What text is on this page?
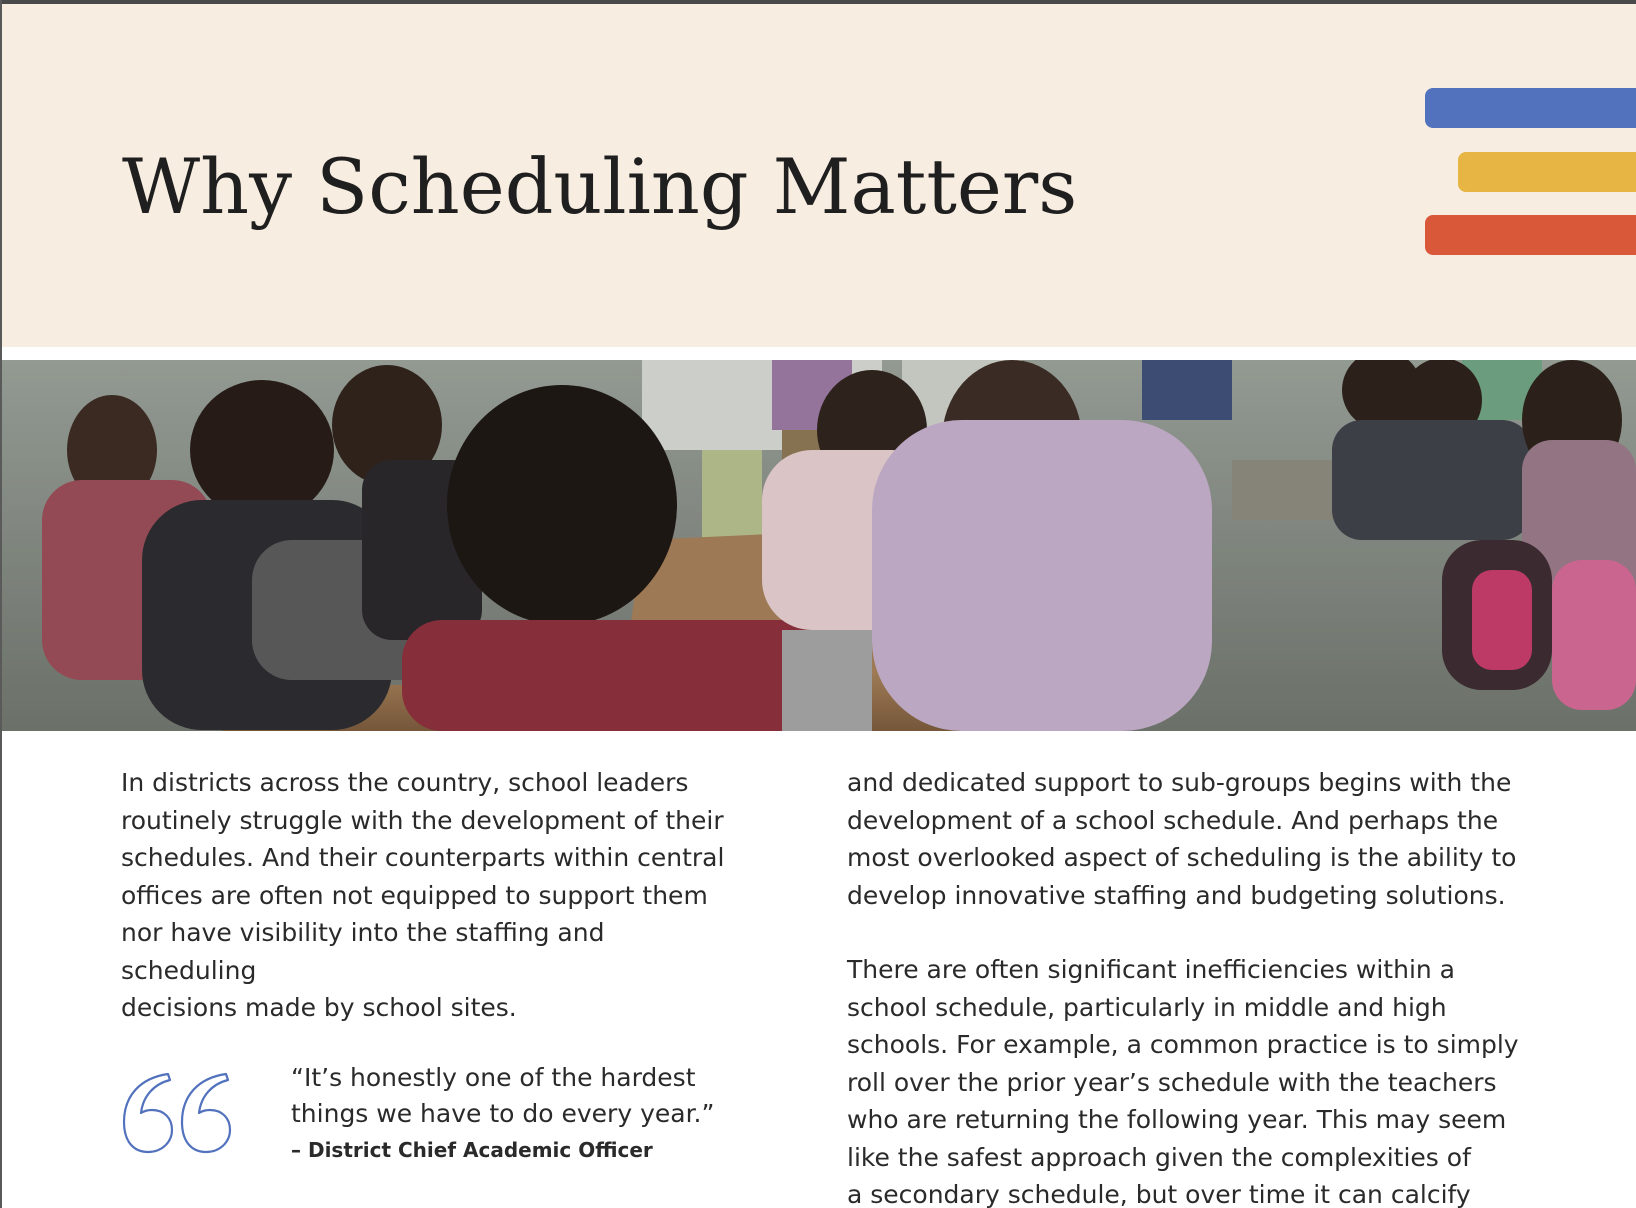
Why Scheduling Matters

In districts across the country, school leaders
routinely struggle with the development of their
schedules. And their counterparts within central
offices are often not equipped to support them
nor have visibility into the staffing and scheduling
decisions made by school sites.

and dedicated support to sub-groups begins with the
development of a school schedule. And perhaps the
most overlooked aspect of scheduling is the ability to
develop innovative staffing and budgeting solutions.

There are often significant inefficiencies within a
school schedule, particularly in middle and high
schools. For example, a common practice is to simply
roll over the prior year’s schedule with the teachers
who are returning the following year. This may seem
like the safest approach given the complexities of
a secondary schedule, but over time it can calcify

“It’s honestly one of the hardest
things we have to do every year.”

– District Chief Academic Officer
